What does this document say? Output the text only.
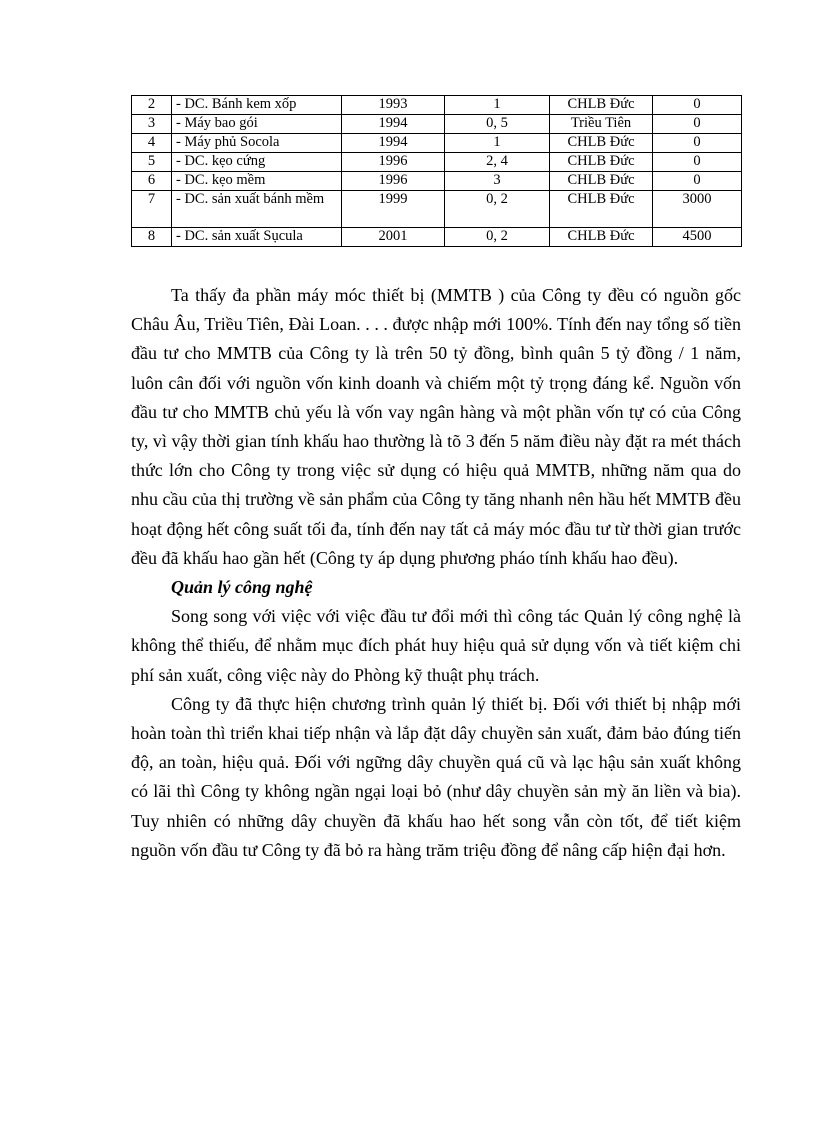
2	- DC. Bánh kem xốp	1993	1	CHLB Đức	0
3	- Máy bao gói	1994	0, 5	Triều Tiên	0
4	- Máy phủ Socola	1994	1	CHLB Đức	0
5	- DC. kẹo cứng	1996	2, 4	CHLB Đức	0
6	- DC. kẹo mềm	1996	3	CHLB Đức	0
7	- DC. sản xuất bánh mềm	1999	0, 2	CHLB Đức	3000
8	- DC. sản xuất Sụcula	2001	0, 2	CHLB Đức	4500

Ta thấy đa phần máy móc thiết bị (MMTB ) của Công ty đều có nguồn gốc Châu Âu, Triều Tiên, Đài Loan. . . . được nhập mới 100%. Tính đến nay tổng số tiền đầu tư cho MMTB của Công ty là trên 50 tỷ đồng, bình quân 5 tỷ đồng / 1 năm, luôn cân đối với nguồn vốn kinh doanh và chiếm một tỷ trọng đáng kể. Nguồn vốn đầu tư cho MMTB chủ yếu là vốn vay ngân hàng và một phần vốn tự có của Công ty, vì vậy thời gian tính khấu hao thường là tõ 3 đến 5 năm điều này đặt ra mét thách thức lớn cho Công ty trong việc sử dụng có hiệu quả MMTB, những năm qua do nhu cầu của thị trường về sản phẩm của Công ty tăng nhanh nên hầu hết MMTB đều hoạt động hết công suất tối đa, tính đến nay tất cả máy móc đầu tư từ thời gian trước đều đã khấu hao gần hết (Công ty áp dụng phương pháo tính khấu hao đều).

Quản lý công nghệ

Song song với việc với việc đầu tư đổi mới thì công tác Quản lý công nghệ là không thể thiếu, để nhằm mục đích phát huy hiệu quả sử dụng vốn và tiết kiệm chi phí sản xuất, công việc này do Phòng kỹ thuật phụ trách.

Công ty đã thực hiện chương trình quản lý thiết bị. Đối với thiết bị nhập mới hoàn toàn thì triển khai tiếp nhận và lắp đặt dây chuyền sản xuất, đảm bảo đúng tiến độ, an toàn, hiệu quả. Đối với ngững dây chuyền quá cũ và lạc hậu sản xuất không có lãi thì Công ty không ngần ngại loại bỏ (như dây chuyền sản mỳ ăn liền và bia). Tuy nhiên có những dây chuyền đã khấu hao hết song vẫn còn tốt, để tiết kiệm nguồn vốn đầu tư Công ty đã bỏ ra hàng trăm triệu đồng để nâng cấp hiện đại hơn.
